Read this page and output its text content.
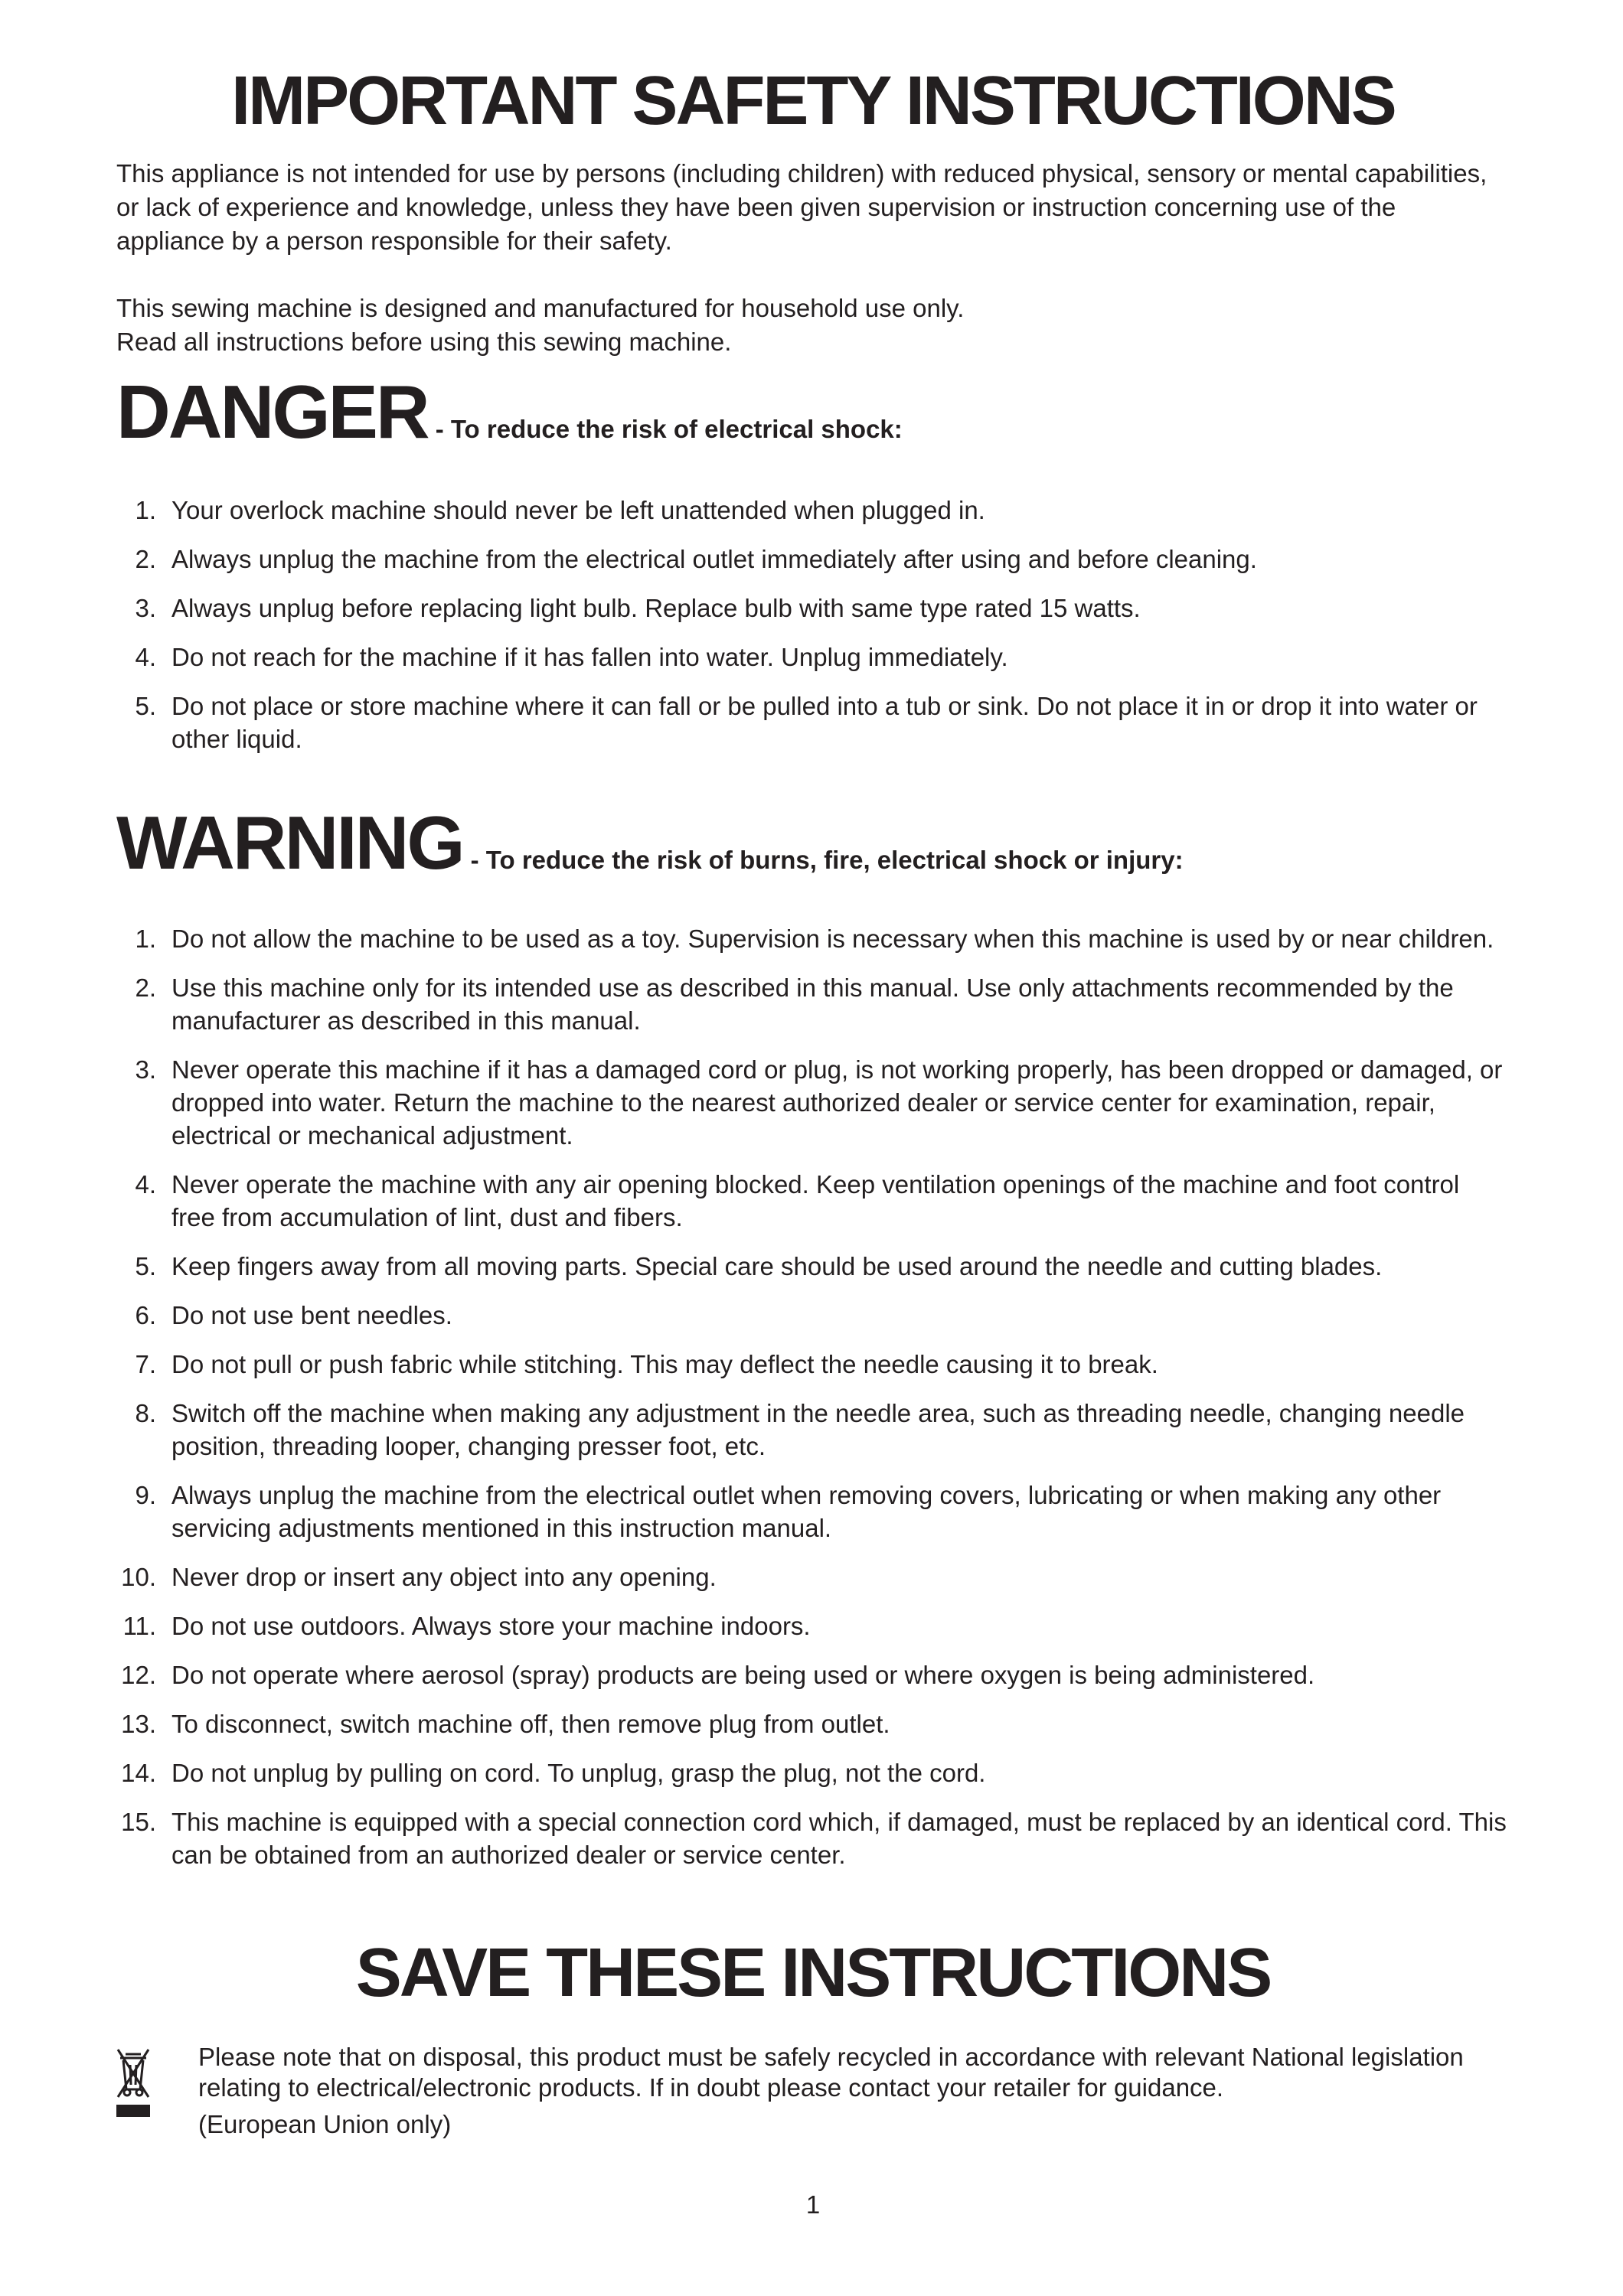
IMPORTANT SAFETY INSTRUCTIONS

This appliance is not intended for use by persons (including children) with reduced physical, sensory or mental capabilities, or lack of experience and knowledge, unless they have been given supervision or instruction concerning use of the appliance by a person responsible for their safety.

This sewing machine is designed and manufactured for household use only.

Read all instructions before using this sewing machine.

DANGER - To reduce the risk of electrical shock:
1. Your overlock machine should never be left unattended when plugged in.
2. Always unplug the machine from the electrical outlet immediately after using and before cleaning.
3. Always unplug before replacing light bulb. Replace bulb with same type rated 15 watts.
4. Do not reach for the machine if it has fallen into water. Unplug immediately.
5. Do not place or store machine where it can fall or be pulled into a tub or sink. Do not place it in or drop it into water or other liquid.
WARNING - To reduce the risk of burns, fire, electrical shock or injury:
1. Do not allow the machine to be used as a toy. Supervision is necessary when this machine is used by or near children.
2. Use this machine only for its intended use as described in this manual. Use only attachments recommended by the manufacturer as described in this manual.
3. Never operate this machine if it has a damaged cord or plug, is not working properly, has been dropped or damaged, or dropped into water. Return the machine to the nearest authorized dealer or service center for examination, repair, electrical or mechanical adjustment.
4. Never operate the machine with any air opening blocked. Keep ventilation openings of the machine and foot control free from accumulation of lint, dust and fibers.
5. Keep fingers away from all moving parts. Special care should be used around the needle and cutting blades.
6. Do not use bent needles.
7. Do not pull or push fabric while stitching. This may deflect the needle causing it to break.
8. Switch off the machine when making any adjustment in the needle area, such as threading needle, changing needle position, threading looper, changing presser foot, etc.
9. Always unplug the machine from the electrical outlet when removing covers, lubricating or when making any other servicing adjustments mentioned in this instruction manual.
10. Never drop or insert any object into any opening.
11. Do not use outdoors. Always store your machine indoors.
12. Do not operate where aerosol (spray) products are being used or where oxygen is being administered.
13. To disconnect, switch machine off, then remove plug from outlet.
14. Do not unplug by pulling on cord. To unplug, grasp the plug, not the cord.
15. This machine is equipped with a special connection cord which, if damaged, must be replaced by an identical cord. This can be obtained from an authorized dealer or service center.
SAVE THESE INSTRUCTIONS

Please note that on disposal, this product must be safely recycled in accordance with relevant National legislation relating to electrical/electronic products. If in doubt please contact your retailer for guidance.

(European Union only)

1
